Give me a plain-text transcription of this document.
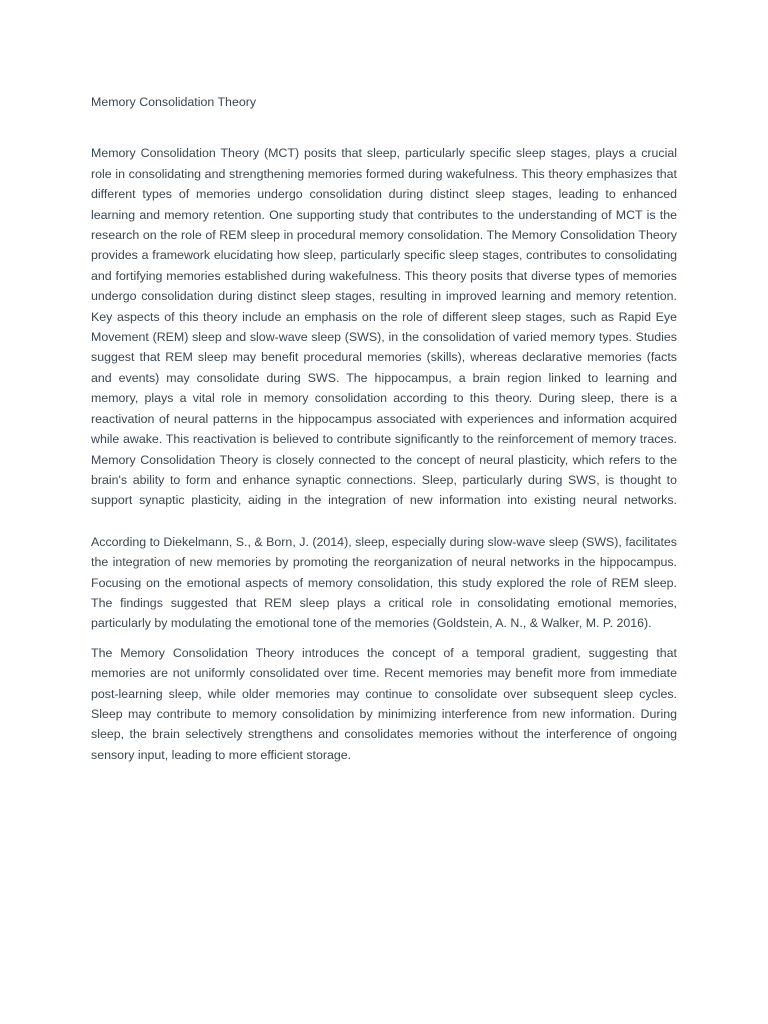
Memory Consolidation Theory

Memory Consolidation Theory (MCT) posits that sleep, particularly specific sleep stages, plays a crucial role in consolidating and strengthening memories formed during wakefulness. This theory emphasizes that different types of memories undergo consolidation during distinct sleep stages, leading to enhanced learning and memory retention. One supporting study that contributes to the understanding of MCT is the research on the role of REM sleep in procedural memory consolidation. The Memory Consolidation Theory provides a framework elucidating how sleep, particularly specific sleep stages, contributes to consolidating and fortifying memories established during wakefulness. This theory posits that diverse types of memories undergo consolidation during distinct sleep stages, resulting in improved learning and memory retention. Key aspects of this theory include an emphasis on the role of different sleep stages, such as Rapid Eye Movement (REM) sleep and slow-wave sleep (SWS), in the consolidation of varied memory types. Studies suggest that REM sleep may benefit procedural memories (skills), whereas declarative memories (facts and events) may consolidate during SWS. The hippocampus, a brain region linked to learning and memory, plays a vital role in memory consolidation according to this theory. During sleep, there is a reactivation of neural patterns in the hippocampus associated with experiences and information acquired while awake. This reactivation is believed to contribute significantly to the reinforcement of memory traces. Memory Consolidation Theory is closely connected to the concept of neural plasticity, which refers to the brain's ability to form and enhance synaptic connections. Sleep, particularly during SWS, is thought to support synaptic plasticity, aiding in the integration of new information into existing neural networks.

According to Diekelmann, S., & Born, J. (2014), sleep, especially during slow-wave sleep (SWS), facilitates the integration of new memories by promoting the reorganization of neural networks in the hippocampus. Focusing on the emotional aspects of memory consolidation, this study explored the role of REM sleep. The findings suggested that REM sleep plays a critical role in consolidating emotional memories, particularly by modulating the emotional tone of the memories (Goldstein, A. N., & Walker, M. P. 2016).

The Memory Consolidation Theory introduces the concept of a temporal gradient, suggesting that memories are not uniformly consolidated over time. Recent memories may benefit more from immediate post-learning sleep, while older memories may continue to consolidate over subsequent sleep cycles. Sleep may contribute to memory consolidation by minimizing interference from new information. During sleep, the brain selectively strengthens and consolidates memories without the interference of ongoing sensory input, leading to more efficient storage.
